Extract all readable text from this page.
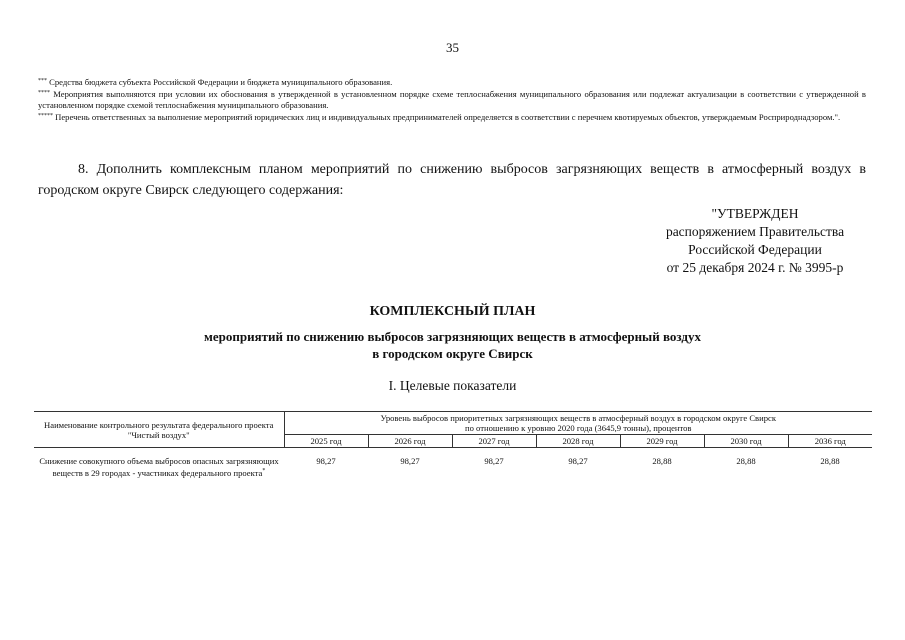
35
*** Средства бюджета субъекта Российской Федерации и бюджета муниципального образования.
**** Мероприятия выполняются при условии их обоснования в утвержденной в установленном порядке схеме теплоснабжения муниципального образования или подлежат актуализации в соответствии с утвержденной в установленном порядке схемой теплоснабжения муниципального образования.
***** Перечень ответственных за выполнение мероприятий юридических лиц и индивидуальных предпринимателей определяется в соответствии с перечнем квотируемых объектов, утверждаемым Росприроднадзором.".
8. Дополнить комплексным планом мероприятий по снижению выбросов загрязняющих веществ в атмосферный воздух в городском округе Свирск следующего содержания:
"УТВЕРЖДЕН
распоряжением Правительства
Российской Федерации
от 25 декабря 2024 г. № 3995-р
КОМПЛЕКСНЫЙ ПЛАН
мероприятий по снижению выбросов загрязняющих веществ в атмосферный воздух
в городском округе Свирск
I. Целевые показатели
Наименование контрольного результата федерального проекта "Чистый воздух"	Уровень выбросов приоритетных загрязняющих веществ в атмосферный воздух в городском округе Свирск
по отношению к уровню 2020 года (3645,9 тонны), процентов						

	2025 год	2026 год	2027 год	2028 год	2029 год	2030 год	2036 год
Снижение совокупного объема выбросов опасных загрязняющих веществ в 29 городах - участниках федерального проекта*	98,27	98,27	98,27	98,27	28,88	28,88	28,88
